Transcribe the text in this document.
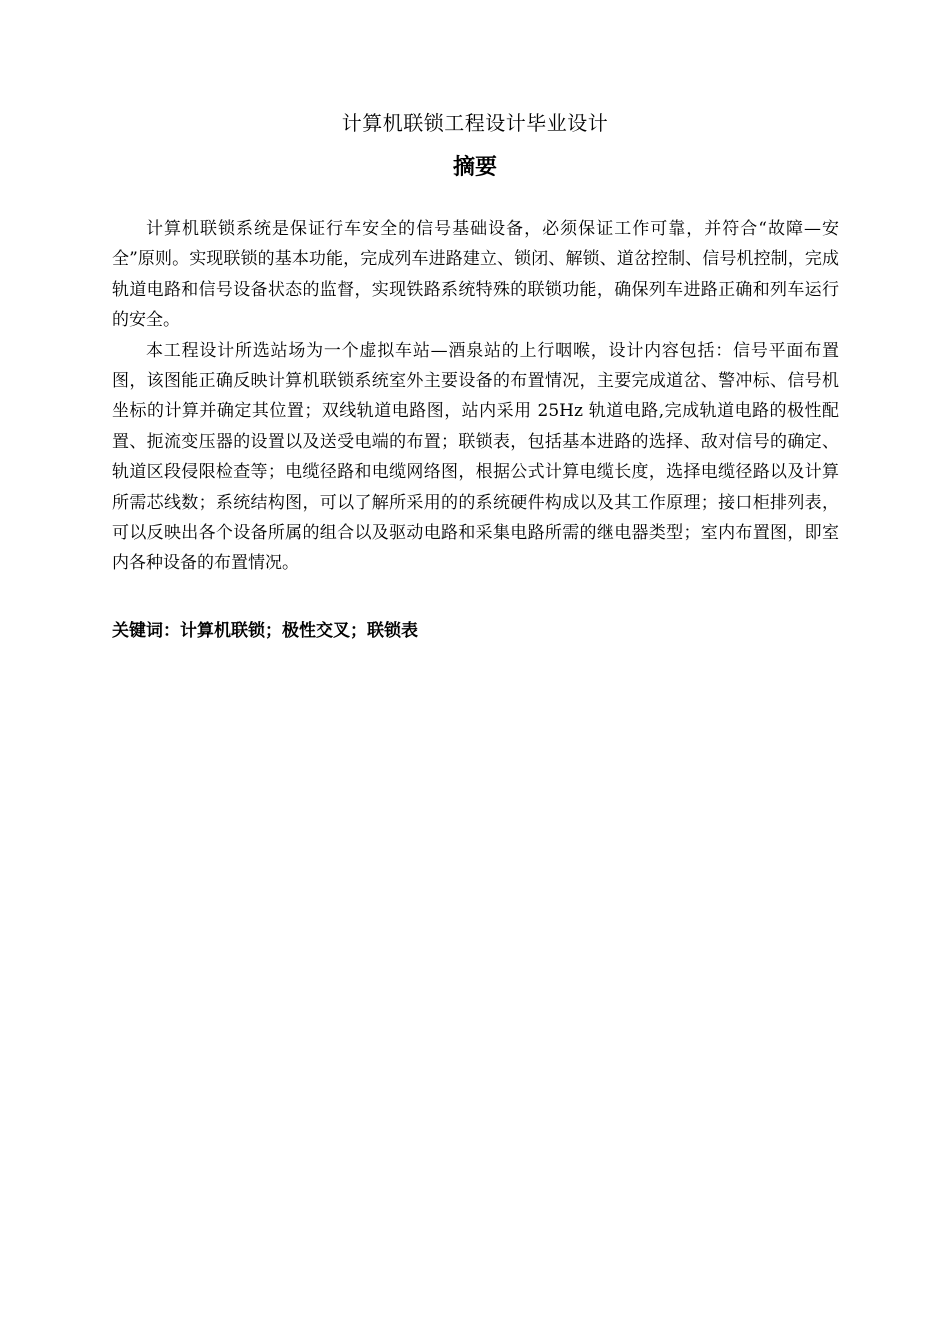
计算机联锁工程设计毕业设计
摘要

计算机联锁系统是保证行车安全的信号基础设备，必须保证工作可靠，并符合“故障—安全”原则。实现联锁的基本功能，完成列车进路建立、锁闭、解锁、道岔控制、信号机控制，完成轨道电路和信号设备状态的监督，实现铁路系统特殊的联锁功能，确保列车进路正确和列车运行的安全。

本工程设计所选站场为一个虚拟车站—酒泉站的上行咽喉，设计内容包括：信号平面布置图，该图能正确反映计算机联锁系统室外主要设备的布置情况，主要完成道岔、警冲标、信号机坐标的计算并确定其位置；双线轨道电路图，站内采用 25Hz 轨道电路,完成轨道电路的极性配置、扼流变压器的设置以及送受电端的布置；联锁表，包括基本进路的选择、敌对信号的确定、轨道区段侵限检查等；电缆径路和电缆网络图，根据公式计算电缆长度，选择电缆径路以及计算所需芯线数；系统结构图，可以了解所采用的的系统硬件构成以及其工作原理；接口柜排列表，可以反映出各个设备所属的组合以及驱动电路和采集电路所需的继电器类型；室内布置图，即室内各种设备的布置情况。

关键词：计算机联锁；极性交叉；联锁表
